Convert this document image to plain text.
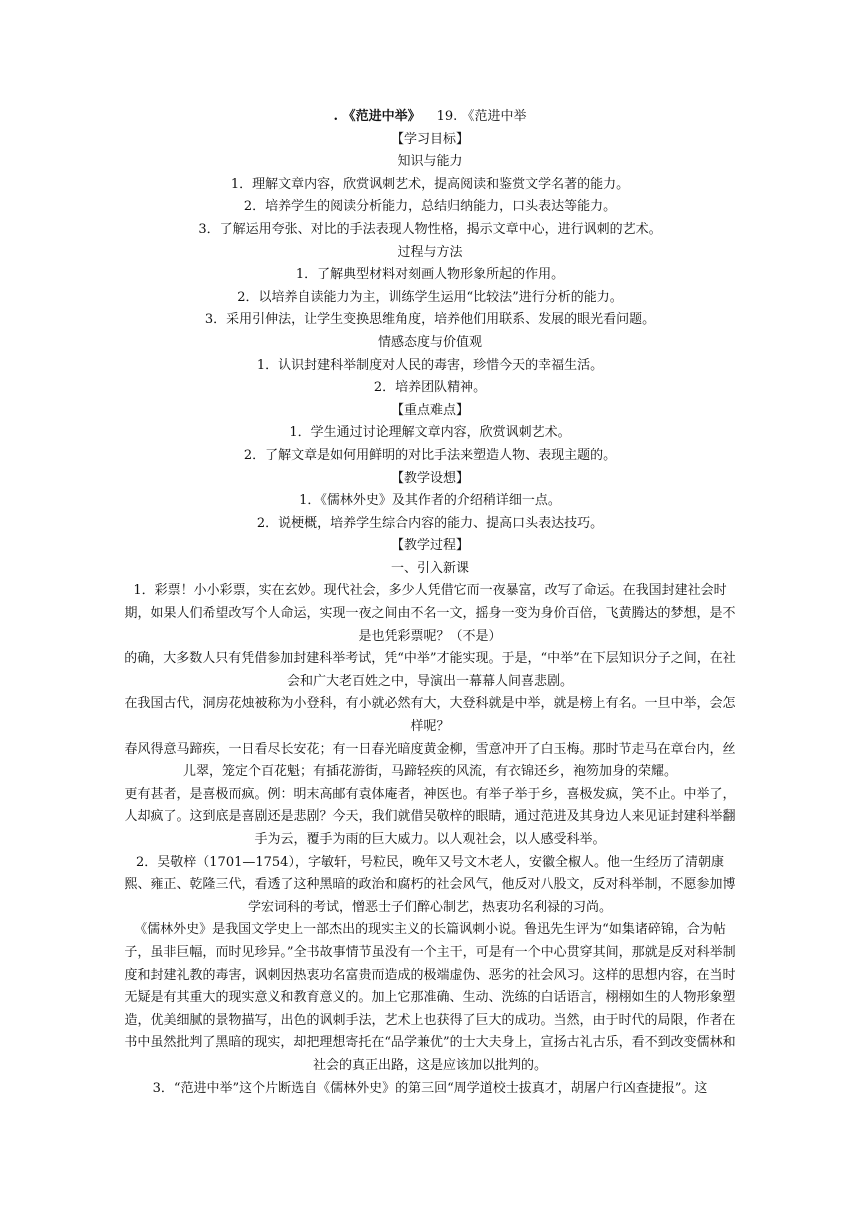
. 《范进中举》 19. 《范进中举

【学习目标】

知识与能力

1．理解文章内容，欣赏讽刺艺术，提高阅读和鉴赏文学名著的能力。

2．培养学生的阅读分析能力，总结归纳能力，口头表达等能力。

3．了解运用夸张、对比的手法表现人物性格，揭示文章中心，进行讽刺的艺术。

过程与方法

1．了解典型材料对刻画人物形象所起的作用。

2．以培养自读能力为主，训练学生运用“比较法”进行分析的能力。

3．采用引伸法，让学生变换思维角度，培养他们用联系、发展的眼光看问题。

情感态度与价值观

1．认识封建科举制度对人民的毒害，珍惜今天的幸福生活。

2．培养团队精神。

【重点难点】

1．学生通过讨论理解文章内容，欣赏讽刺艺术。

2．了解文章是如何用鲜明的对比手法来塑造人物、表现主题的。

【教学设想】

1．《儒林外史》及其作者的介绍稍详细一点。

2．说梗概，培养学生综合内容的能力、提高口头表达技巧。

【教学过程】

一、引入新课

1．彩票！小小彩票，实在玄妙。现代社会，多少人凭借它而一夜暴富，改写了命运。在我国封建社会时期，如果人们希望改写个人命运，实现一夜之间由不名一文，摇身一变为身价百倍，飞黄腾达的梦想，是不是也凭彩票呢？（不是）

的确，大多数人只有凭借参加封建科举考试，凭“中举”才能实现。于是，“中举”在下层知识分子之间，在社会和广大老百姓之中，导演出一幕幕人间喜悲剧。

在我国古代，洞房花烛被称为小登科，有小就必然有大，大登科就是中举，就是榜上有名。一旦中举，会怎样呢？

春风得意马蹄疾，一日看尽长安花；有一日春光暗度黄金柳，雪意冲开了白玉梅。那时节走马在章台内，丝儿翠，笼定个百花魁；有插花游街，马蹄轻疾的风流，有衣锦还乡，袍笏加身的荣耀。

更有甚者，是喜极而疯。例：明末高邮有袁体庵者，神医也。有举子举于乡，喜极发疯，笑不止。中举了，人却疯了。这到底是喜剧还是悲剧？今天，我们就借吴敬梓的眼睛，通过范进及其身边人来见证封建科举翻手为云，覆手为雨的巨大威力。以人观社会，以人感受科举。

2．吴敬梓（1701—1754），字敏轩，号粒民，晚年又号文木老人，安徽全椒人。他一生经历了清朝康熙、雍正、乾隆三代，看透了这种黑暗的政治和腐朽的社会风气，他反对八股文，反对科举制，不愿参加博学宏词科的考试，憎恶士子们醉心制艺，热衷功名利禄的习尚。

《儒林外史》是我国文学史上一部杰出的现实主义的长篇讽刺小说。鲁迅先生评为“如集诸碎锦，合为帖子，虽非巨幅，而时见珍异。”全书故事情节虽没有一个主干，可是有一个中心贯穿其间，那就是反对科举制度和封建礼教的毒害，讽刺因热衷功名富贵而造成的极端虚伪、恶劣的社会风习。这样的思想内容，在当时无疑是有其重大的现实意义和教育意义的。加上它那准确、生动、洗练的白话语言，栩栩如生的人物形象塑造，优美细腻的景物描写，出色的讽刺手法，艺术上也获得了巨大的成功。当然，由于时代的局限，作者在书中虽然批判了黑暗的现实，却把理想寄托在“品学兼优”的士大夫身上，宣扬古礼古乐，看不到改变儒林和社会的真正出路，这是应该加以批判的。

3．“范进中举”这个片断选自《儒林外史》的第三回“周学道校士拔真才，胡屠户行凶查捷报”。这
